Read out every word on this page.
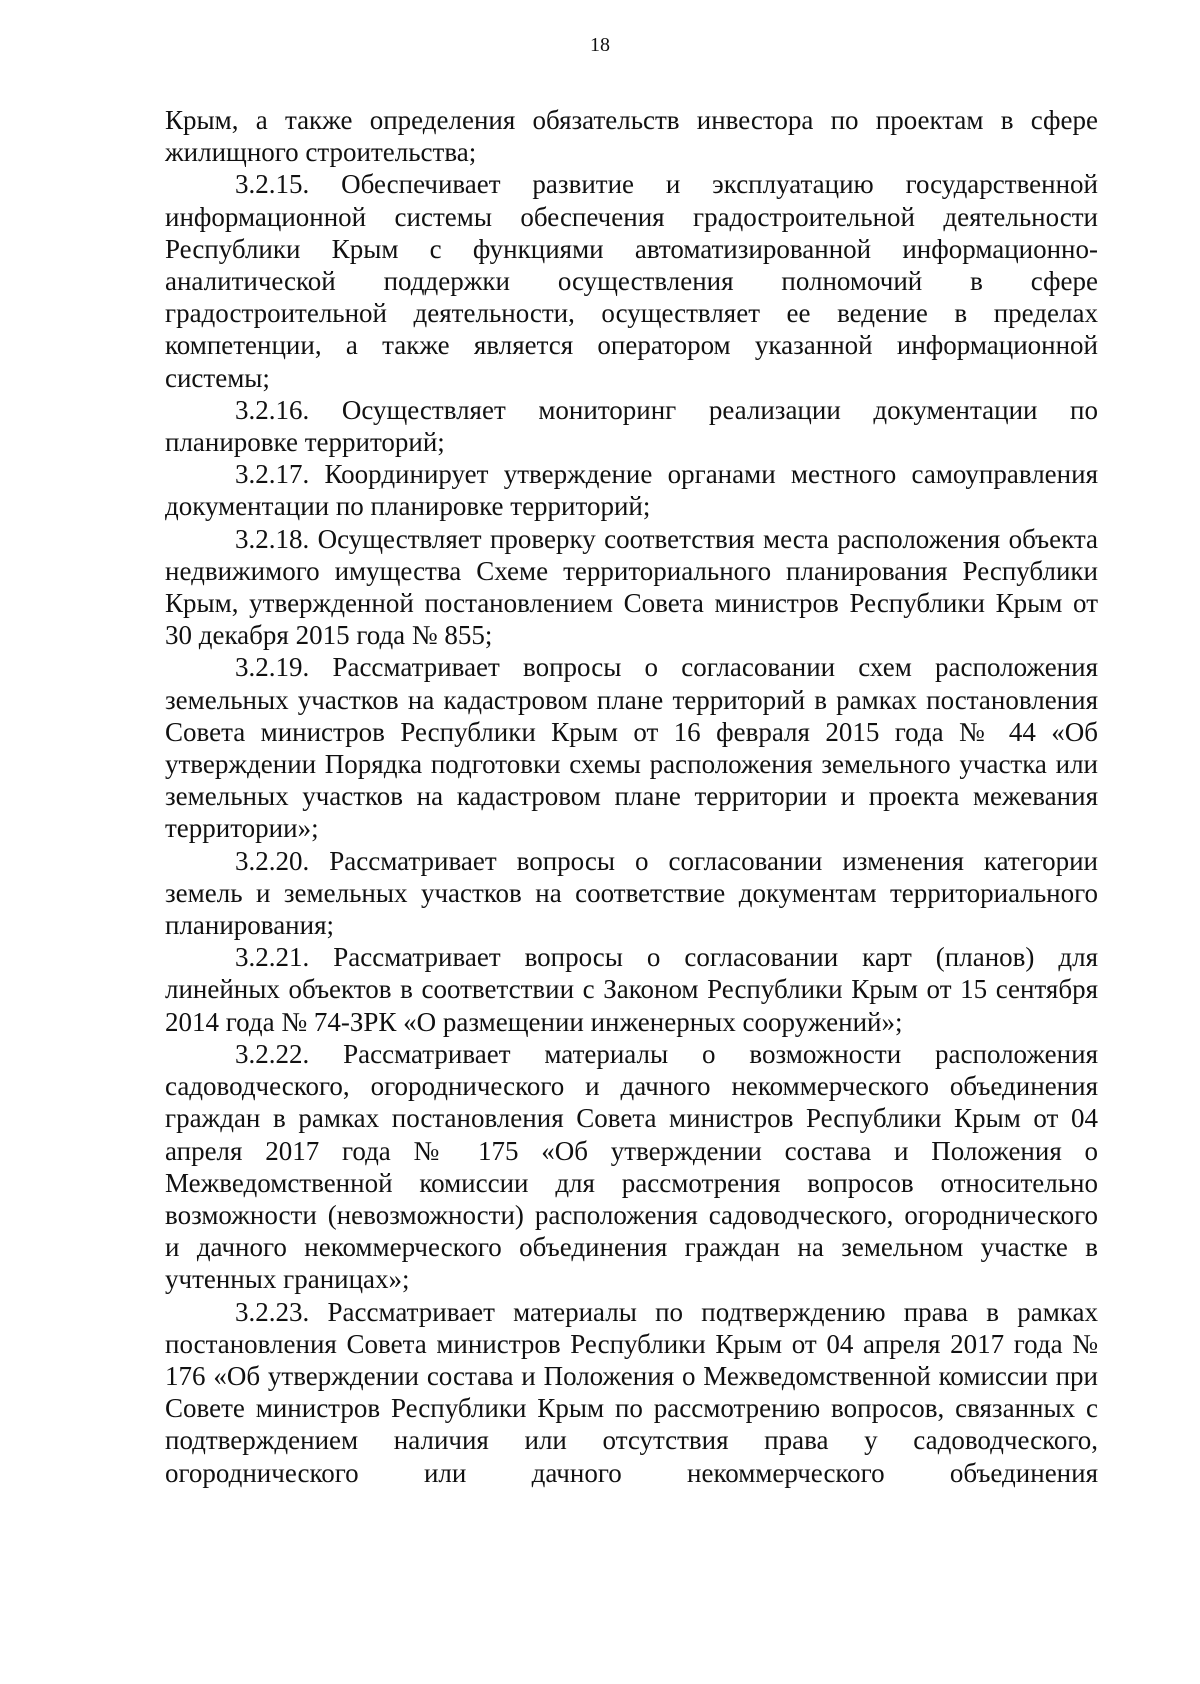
18

Крым, а также определения обязательств инвестора по проектам в сфере жилищного строительства;

3.2.15. Обеспечивает развитие и эксплуатацию государственной информационной системы обеспечения градостроительной деятельности Республики Крым с функциями автоматизированной информационно-аналитической поддержки осуществления полномочий в сфере градостроительной деятельности, осуществляет ее ведение в пределах компетенции, а также является оператором указанной информационной системы;

3.2.16. Осуществляет мониторинг реализации документации по планировке территорий;

3.2.17. Координирует утверждение органами местного самоуправления документации по планировке территорий;

3.2.18. Осуществляет проверку соответствия места расположения объекта недвижимого имущества Схеме территориального планирования Республики Крым, утвержденной постановлением Совета министров Республики Крым от 30 декабря 2015 года № 855;

3.2.19. Рассматривает вопросы о согласовании схем расположения земельных участков на кадастровом плане территорий в рамках постановления Совета министров Республики Крым от 16 февраля 2015 года № 44 «Об утверждении Порядка подготовки схемы расположения земельного участка или земельных участков на кадастровом плане территории и проекта межевания территории»;

3.2.20. Рассматривает вопросы о согласовании изменения категории земель и земельных участков на соответствие документам территориального планирования;

3.2.21. Рассматривает вопросы о согласовании карт (планов) для линейных объектов в соответствии с Законом Республики Крым от 15 сентября 2014 года № 74-ЗРК «О размещении инженерных сооружений»;

3.2.22. Рассматривает материалы о возможности расположения садоводческого, огороднического и дачного некоммерческого объединения граждан в рамках постановления Совета министров Республики Крым от 04 апреля 2017 года № 175 «Об утверждении состава и Положения о Межведомственной комиссии для рассмотрения вопросов относительно возможности (невозможности) расположения садоводческого, огороднического и дачного некоммерческого объединения граждан на земельном участке в учтенных границах»;

3.2.23. Рассматривает материалы по подтверждению права в рамках постановления Совета министров Республики Крым от 04 апреля 2017 года № 176 «Об утверждении состава и Положения о Межведомственной комиссии при Совете министров Республики Крым по рассмотрению вопросов, связанных с подтверждением наличия или отсутствия права у садоводческого, огороднического или дачного некоммерческого объединения
